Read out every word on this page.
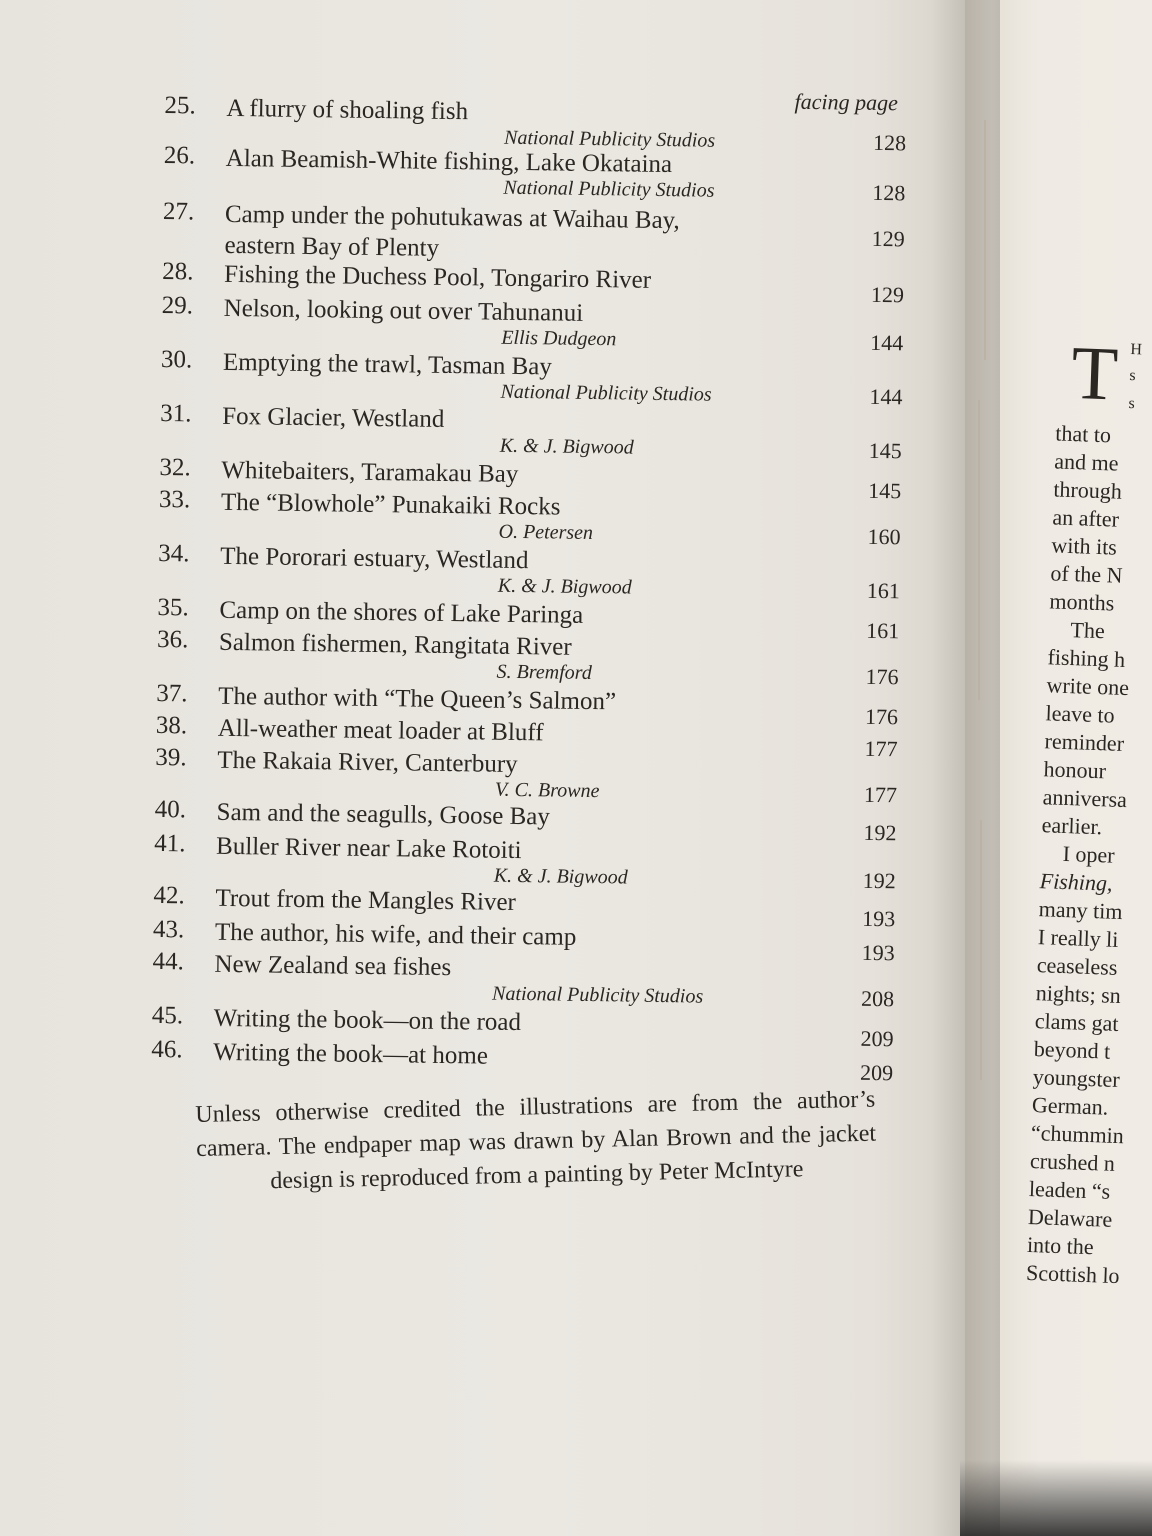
facing page
25. A flurry of shoaling fish
128
National Publicity Studios
26. Alan Beamish-White fishing, Lake Okataina
128
National Publicity Studios
27. Camp under the pohutukawas at Waihau Bay, eastern Bay of Plenty	129
28. Fishing the Duchess Pool, Tongariro River
129
29. Nelson, looking out over Tahunanui
144
Ellis Dudgeon
30. Emptying the trawl, Tasman Bay
144
National Publicity Studios
31. Fox Glacier, Westland
145
K. & J. Bigwood
32. Whitebaiters, Taramakau Bay
145
33. The “Blowhole” Punakaiki Rocks
160
O. Petersen
34. The Pororari estuary, Westland
161
K. & J. Bigwood
35. Camp on the shores of Lake Paringa
161
36. Salmon fishermen, Rangitata River
176
S. Bremford
37. The author with “The Queen’s Salmon”
176
38. All-weather meat loader at Bluff
177
39. The Rakaia River, Canterbury
177
V. C. Browne
40. Sam and the seagulls, Goose Bay
192
41. Buller River near Lake Rotoiti
192
K. & J. Bigwood
42. Trout from the Mangles River
193
43. The author, his wife, and their camp
193
44. New Zealand sea fishes
208
National Publicity Studios
45. Writing the book—on the road
209
46. Writing the book—at home
209
Unless otherwise credited the illustrations are from the author’s camera. The endpaper map was drawn by Alan Brown and the jacket design is reproduced from a painting by Peter McIntyre
T H
s
s
that to
and me
through
an after
with its
of the N
months
The
fishing h
write one
leave to
reminder
honour
anniversa
earlier.
I oper
Fishing,
many tim
I really li
ceaseless
nights; sn
clams gat
beyond t
youngster
German.
“chummin
crushed n
leaden “s
Delaware
into the
Scottish lo
